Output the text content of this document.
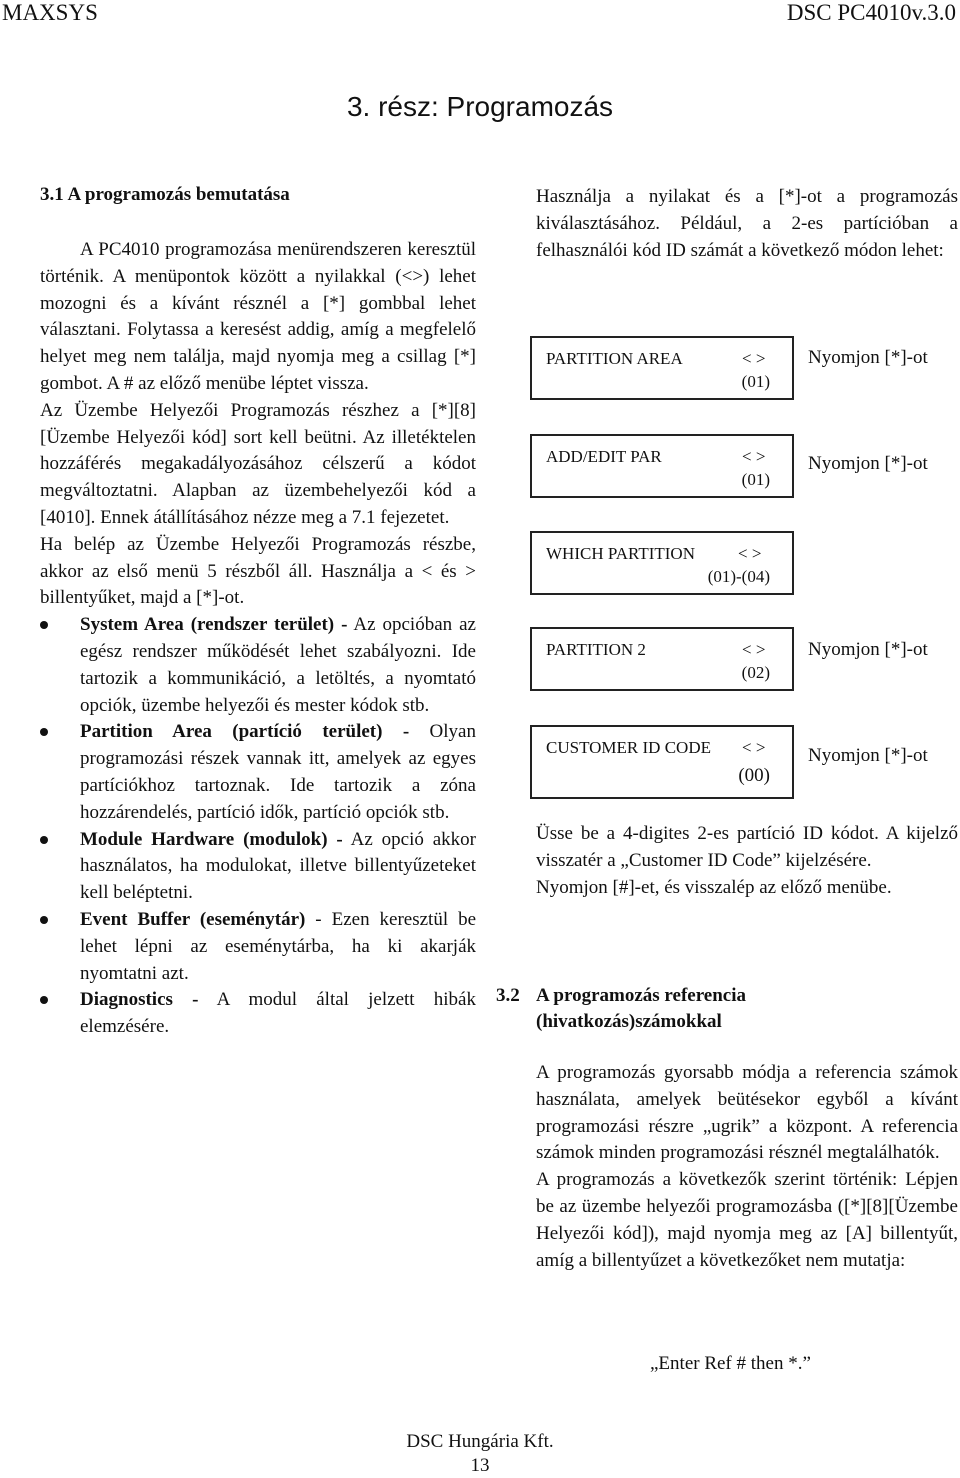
MAXSYS	DSC PC4010v.3.0
3. rész: Programozás
3.1 A programozás bemutatása

A PC4010 programozása menürendszeren keresztül történik. A menüpontok között a nyilakkal (<>) lehet mozogni és a kívánt résznél a [*] gombbal lehet választani. Folytassa a keresést addig, amíg a megfelelő helyet meg nem találja, majd nyomja meg a csillag [*] gombot. A # az előző menübe léptet vissza.

Az Üzembe Helyezői Programozás részhez a [*][8][Üzembe Helyezői kód] sort kell beütni. Az illetéktelen hozzáférés megakadályozásához célszerű a kódot megváltoztatni. Alapban az üzembehelyezői kód a [4010]. Ennek átállításához nézze meg a 7.1 fejezetet.

Ha belép az Üzembe Helyezői Programozás részbe, akkor az első menü 5 részből áll. Használja a < és > billentyűket, majd a [*]-ot.

System Area (rendszer terület) - Az opcióban az egész rendszer működését lehet szabályozni. Ide tartozik a kommunikáció, a letöltés, a nyomtató opciók, üzembe helyezői és mester kódok stb.
Partition Area (partíció terület) - Olyan programozási részek vannak itt, amelyek az egyes partíciókhoz tartoznak. Ide tartozik a zóna hozzárendelés, partíció idők, partíció opciók stb.
Module Hardware (modulok) - Az opció akkor használatos, ha modulokat, illetve billentyűzeteket kell beléptetni.
Event Buffer (eseménytár) - Ezen keresztül be lehet lépni az eseménytárba, ha ki akarják nyomtatni azt.
Diagnostics - A modul által jelzett hibák elemzésére.

Használja a nyilakat és a [*]-ot a programozás kiválasztásához. Például, a 2-es partícióban a felhasználói kód ID számát a következő módon lehet:

PARTITION AREA	< >
(01)
Nyomjon [*]-ot
ADD/EDIT PAR	< >
(01)
Nyomjon [*]-ot
WHICH PARTITION	< >
(01)-(04)
PARTITION 2	< >
(02)
Nyomjon [*]-ot
CUSTOMER ID CODE < >
(00)
Nyomjon [*]-ot

Üsse be a 4-digites 2-es partíció ID kódot. A kijelző visszatér a „Customer ID Code” kijelzésére.

Nyomjon [#]-et, és visszalép az előző menübe.

3.2 A programozás referencia (hivatkozás)számokkal

A programozás gyorsabb módja a referencia számok használata, amelyek beütésekor egyből a kívánt programozási részre „ugrik” a központ. A referencia számok minden programozási résznél megtalálhatók.

A programozás a következők szerint történik: Lépjen be az üzembe helyezői programozásba ([*][8][Üzembe Helyezői kód]), majd nyomja meg az [A] billentyűt, amíg a billentyűzet a következőket nem mutatja:

„Enter Ref # then *.”
DSC Hungária Kft.
13
